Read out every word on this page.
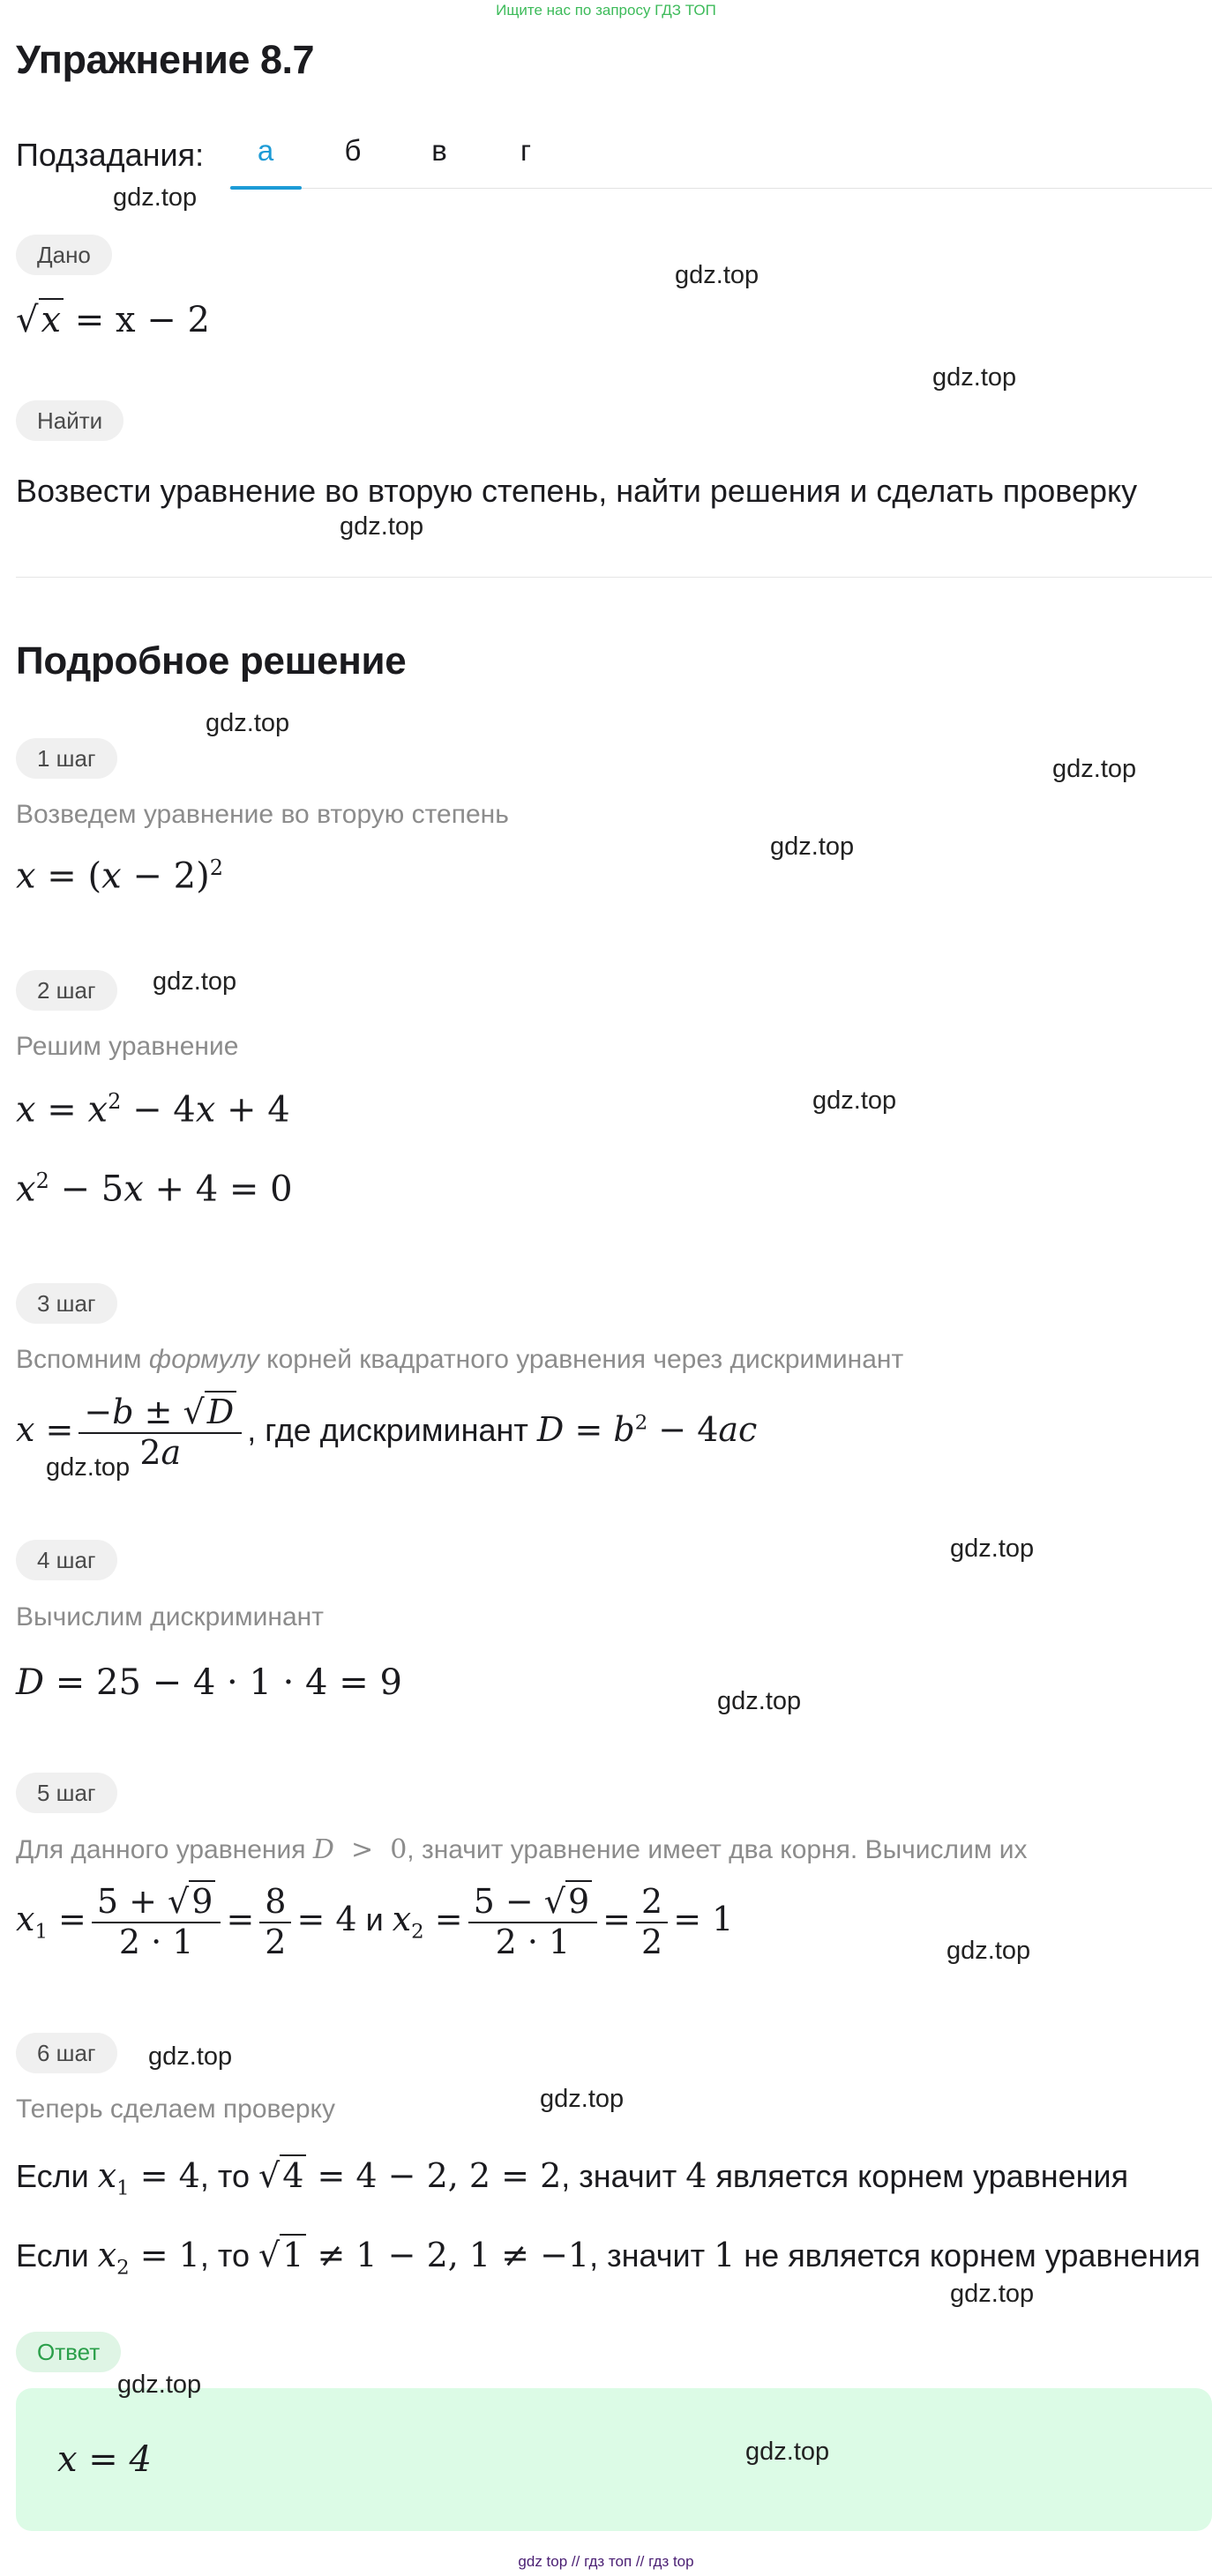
Ищите нас по запросу ГДЗ ТОП
Упражнение 8.7
Подзадания:	а	б	в	г
Дано
√x = x − 2
Найти
Возвести уравнение во вторую степень, найти решения и сделать проверку
Подробное решение
1 шаг
Возведем уравнение во вторую степень
$x = (x - 2)^2$
2 шаг
Решим уравнение
$x = x^2 - 4x + 4$
$x^2 - 5x + 4 = 0$
3 шаг
Вспомним формулу корней квадратного уравнения через дискриминант
$x = \frac{-b \pm √D}{2a}$ , где дискриминант $D = b^2 - 4ac$
4 шаг
Вычислим дискриминант
D = 25 − 4 · 1 · 4 = 9
5 шаг
Для данного уравнения D  >  0, значит уравнение имеет два корня. Вычислим их
$x_1 = \frac{5 + √9}{2 \cdot 1} = \frac{8}{2} = 4$ и $x_2 = \frac{5 - √9}{2 \cdot 1} = \frac{2}{2} = 1$
6 шаг
Теперь сделаем проверку
Если $x_1 = 4$, то √4 = 4 − 2, 2 = 2, значит 4 является корнем уравнения
Если $x_2 = 1$, то √1 ≠ 1 − 2, 1 ≠ −1, значит 1 не является корнем уравнения
Ответ
x = 4
gdz.top
gdz.top
gdz.top
gdz.top
gdz.top
gdz.top
gdz.top
gdz.top
gdz.top
gdz.top
gdz.top
gdz.top
gdz.top
gdz.top
gdz.top
gdz.top
gdz.top
gdz.top
gdz top // гдз топ // гдз top
